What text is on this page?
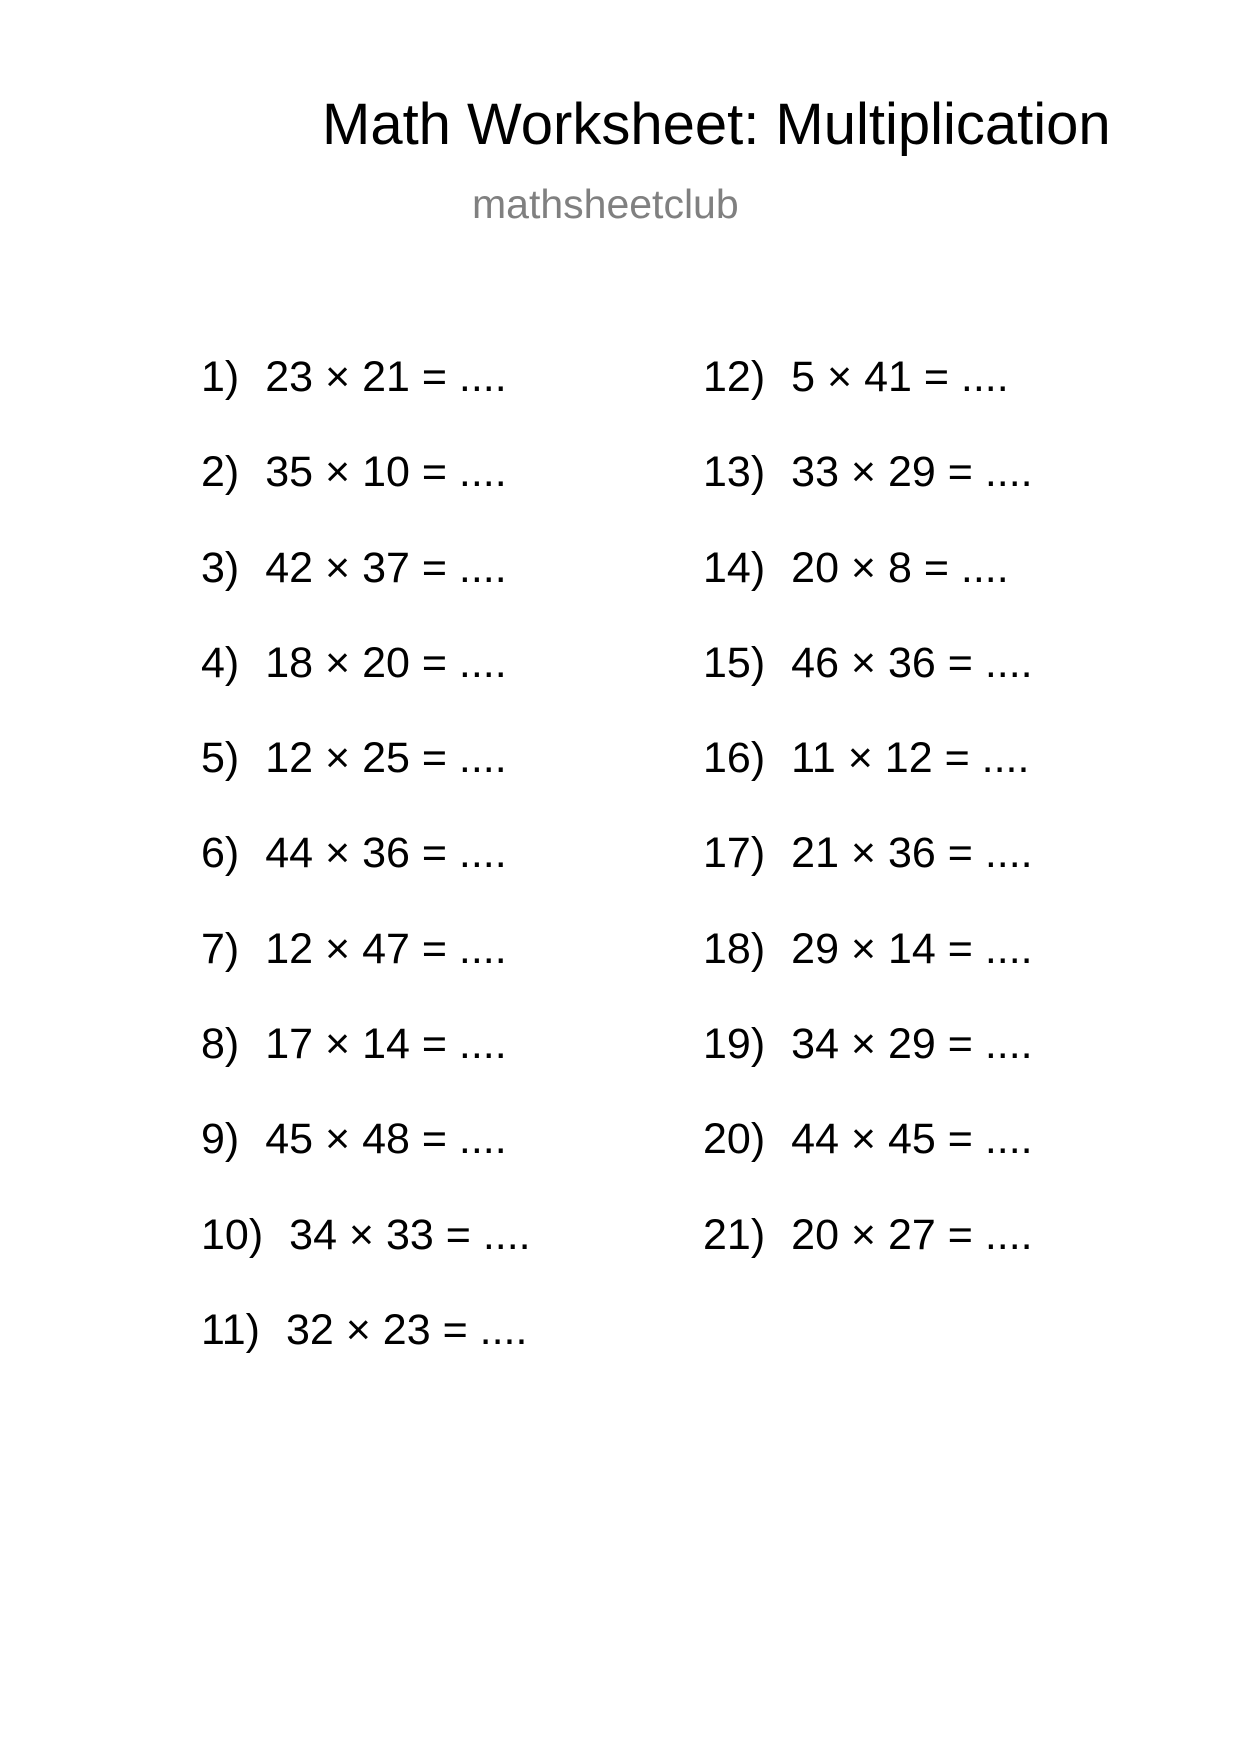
Math Worksheet: Multiplication
mathsheetclub
1) 23 × 21 = ....
2) 35 × 10 = ....
3) 42 × 37 = ....
4) 18 × 20 = ....
5) 12 × 25 = ....
6) 44 × 36 = ....
7) 12 × 47 = ....
8) 17 × 14 = ....
9) 45 × 48 = ....
10) 34 × 33 = ....
11) 32 × 23 = ....
12) 5 × 41 = ....
13) 33 × 29 = ....
14) 20 × 8 = ....
15) 46 × 36 = ....
16) 11 × 12 = ....
17) 21 × 36 = ....
18) 29 × 14 = ....
19) 34 × 29 = ....
20) 44 × 45 = ....
21) 20 × 27 = ....
